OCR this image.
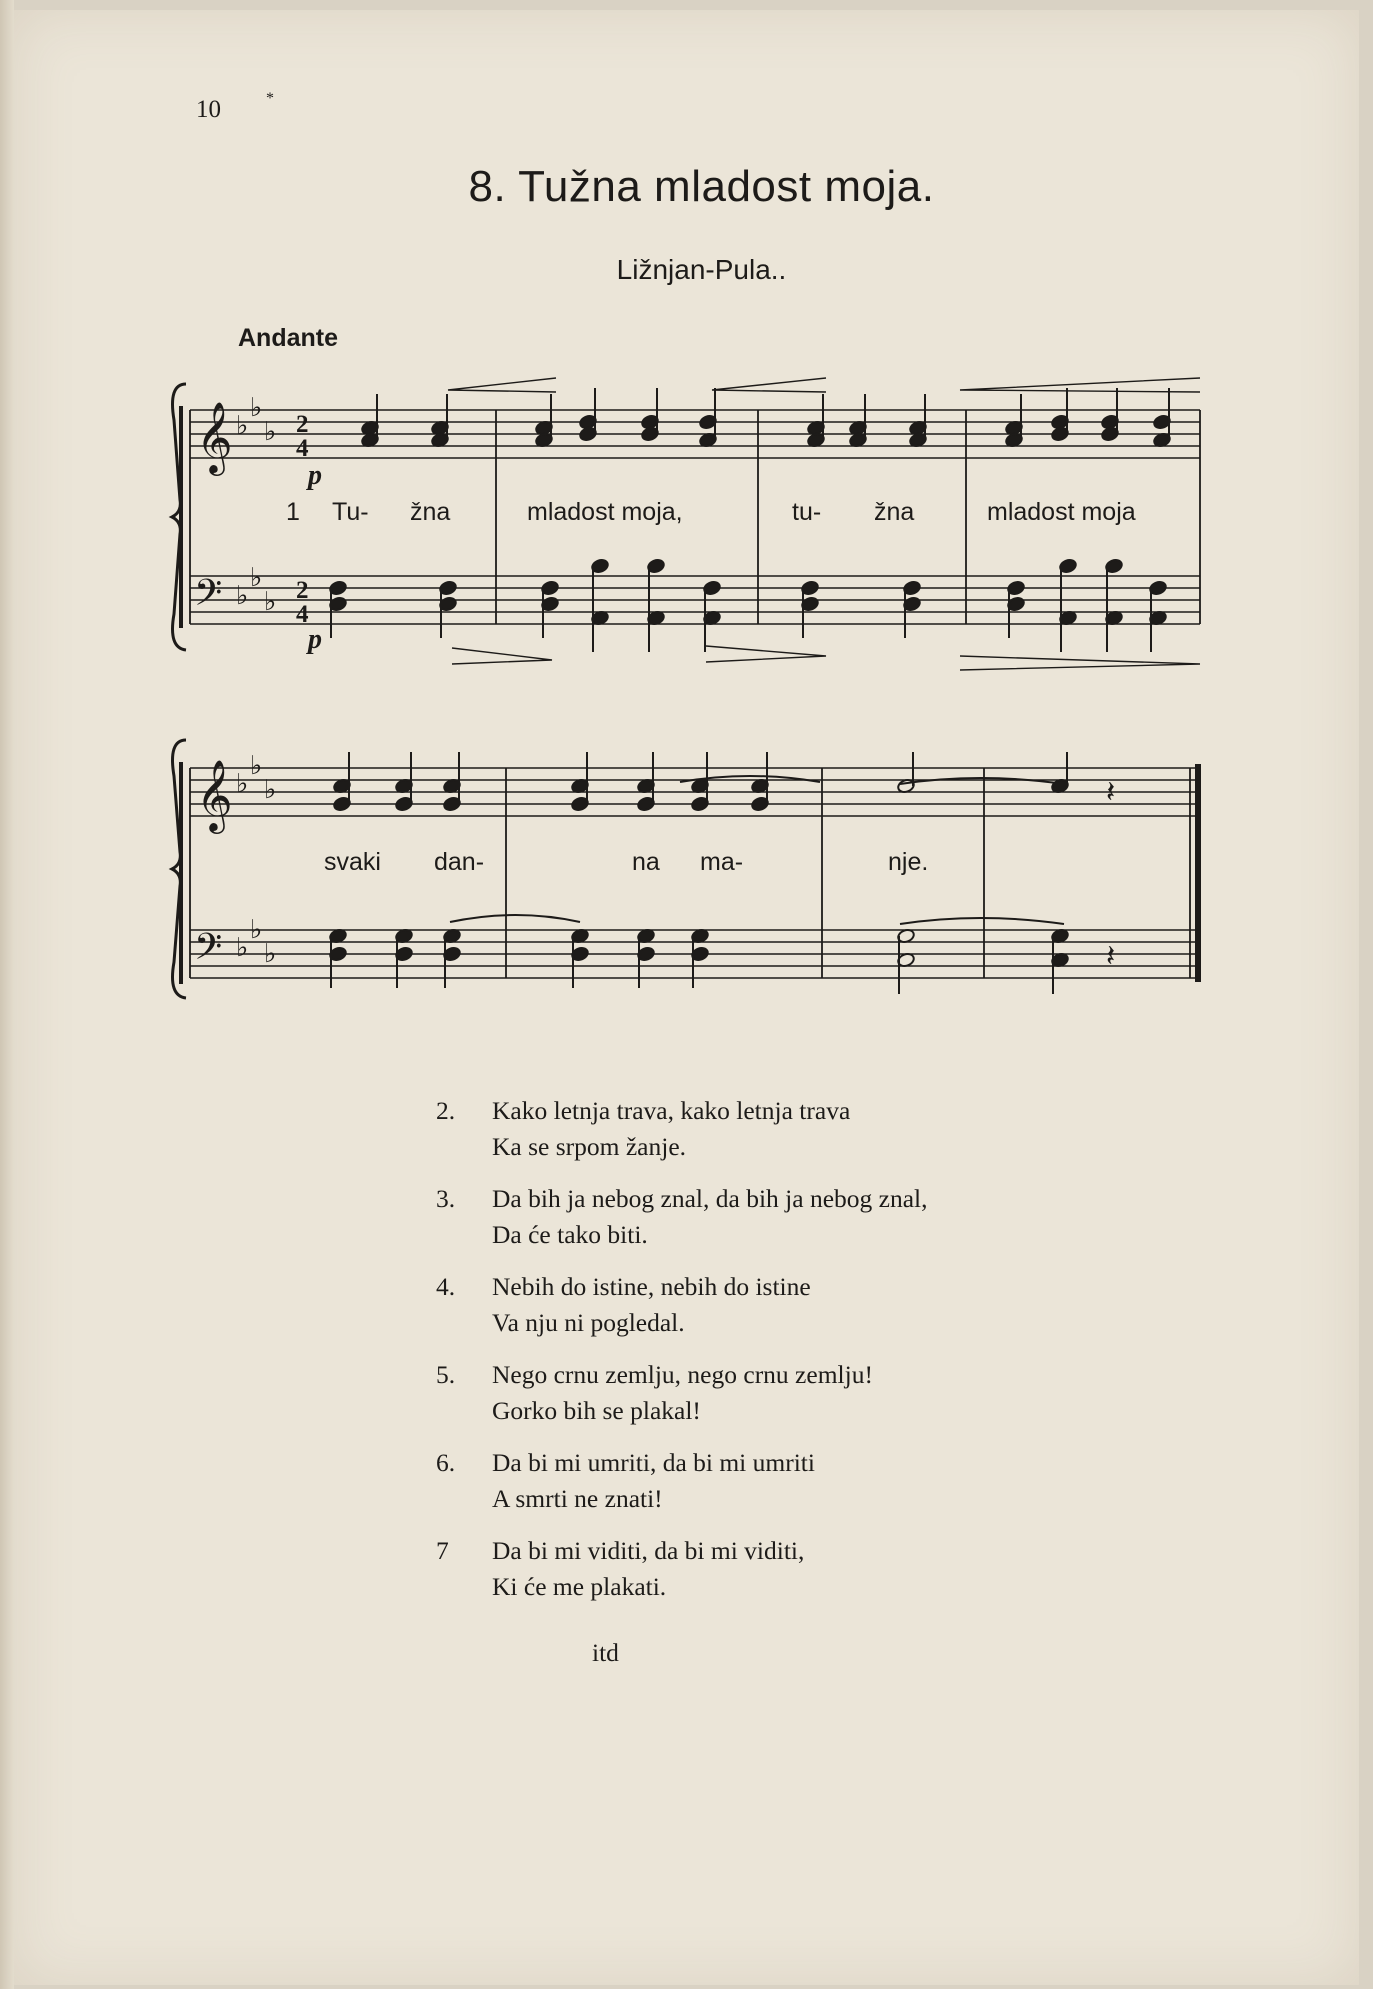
10	*
8. Tužna mladost moja.
Ližnjan-Pula..
Andante
𝄞
𝄢
𝄞
𝄢
♭
♭
♭
♭
♭
♭
♭
♭
♭
♭
♭
♭
2
4
2
4
p
p
𝄽
𝄽
1 Tu- žna	mladost moja,	tu- žna	mladost moja
svaki dan-	na ma-	nje.
2.	Kako letnja trava, kako letnja trava
Ka se srpom žanje.
3.	Da bih ja nebog znal, da bih ja nebog znal,
Da će tako biti.
4.	Nebih do istine, nebih do istine
Va nju ni pogledal.
5.	Nego crnu zemlju, nego crnu zemlju!
Gorko bih se plakal!
6.	Da bi mi umriti, da bi mi umriti
A smrti ne znati!
7	Da bi mi viditi, da bi mi viditi,
Ki će me plakati.
itd
